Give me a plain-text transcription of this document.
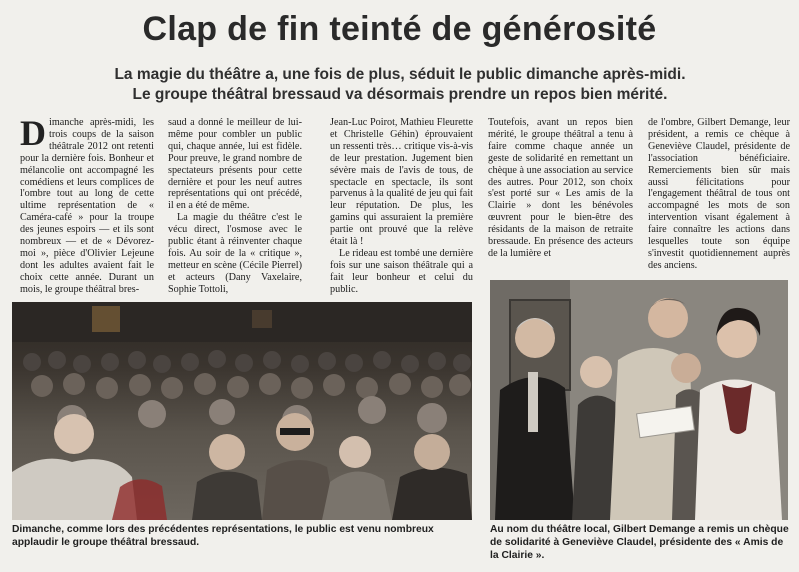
Clap de fin teinté de générosité

La magie du théâtre a, une fois de plus, séduit le public dimanche après-midi.

Le groupe théâtral bressaud va désormais prendre un repos bien mérité.

Dimanche après-midi, les trois coups de la saison théâtrale 2012 ont retenti pour la dernière fois. Bonheur et mélancolie ont accompagné les comédiens et leurs complices de l'ombre tout au long de cette ultime représentation de « Caméra-café » pour la troupe des jeunes espoirs — et ils sont nombreux — et de « Dévorez-moi », pièce d'Olivier Lejeune dont les adultes avaient fait le choix cette année. Durant un mois, le groupe théâtral bres-

saud a donné le meilleur de lui-même pour combler un public qui, chaque année, lui est fidèle. Pour preuve, le grand nombre de spectateurs présents pour cette dernière et pour les neuf autres représentations qui ont précédé, il en a été de même.

La magie du théâtre c'est le vécu direct, l'osmose avec le public étant à réinventer chaque fois. Au soir de la « critique », metteur en scène (Cécile Pierrel) et acteurs (Dany Vaxelaire, Sophie Tottoli,

Jean-Luc Poirot, Mathieu Fleurette et Christelle Géhin) éprouvaient un ressenti très… critique vis-à-vis de leur prestation. Jugement bien sévère mais de l'avis de tous, de spectacle en spectacle, ils sont parvenus à la qualité de jeu qui fait leur réputation. De plus, les gamins qui assuraient la première partie ont prouvé que la relève était là !

Le rideau est tombé une dernière fois sur une saison théâtrale qui a fait leur bonheur et celui du public.

Toutefois, avant un repos bien mérité, le groupe théâtral a tenu à faire comme chaque année un geste de solidarité en remettant un chèque à une association au service des autres. Pour 2012, son choix s'est porté sur « Les amis de la Clairie » dont les bénévoles œuvrent pour le bien-être des résidants de la maison de retraite bressaude. En présence des acteurs de la lumière et

de l'ombre, Gilbert Demange, leur président, a remis ce chèque à Geneviève Claudel, présidente de l'association bénéficiaire. Remerciements bien sûr mais aussi félicitations pour l'engagement théâtral de tous ont accompagné les mots de son intervention visant également à faire connaître les actions dans lesquelles toute son équipe s'investit quotidiennement auprès des anciens.

Dimanche, comme lors des précédentes représentations, le public est venu nombreux applaudir le groupe théâtral bressaud.

Au nom du théâtre local, Gilbert Demange a remis un chèque de solidarité à Geneviève Claudel, présidente des « Amis de la Clairie ».
